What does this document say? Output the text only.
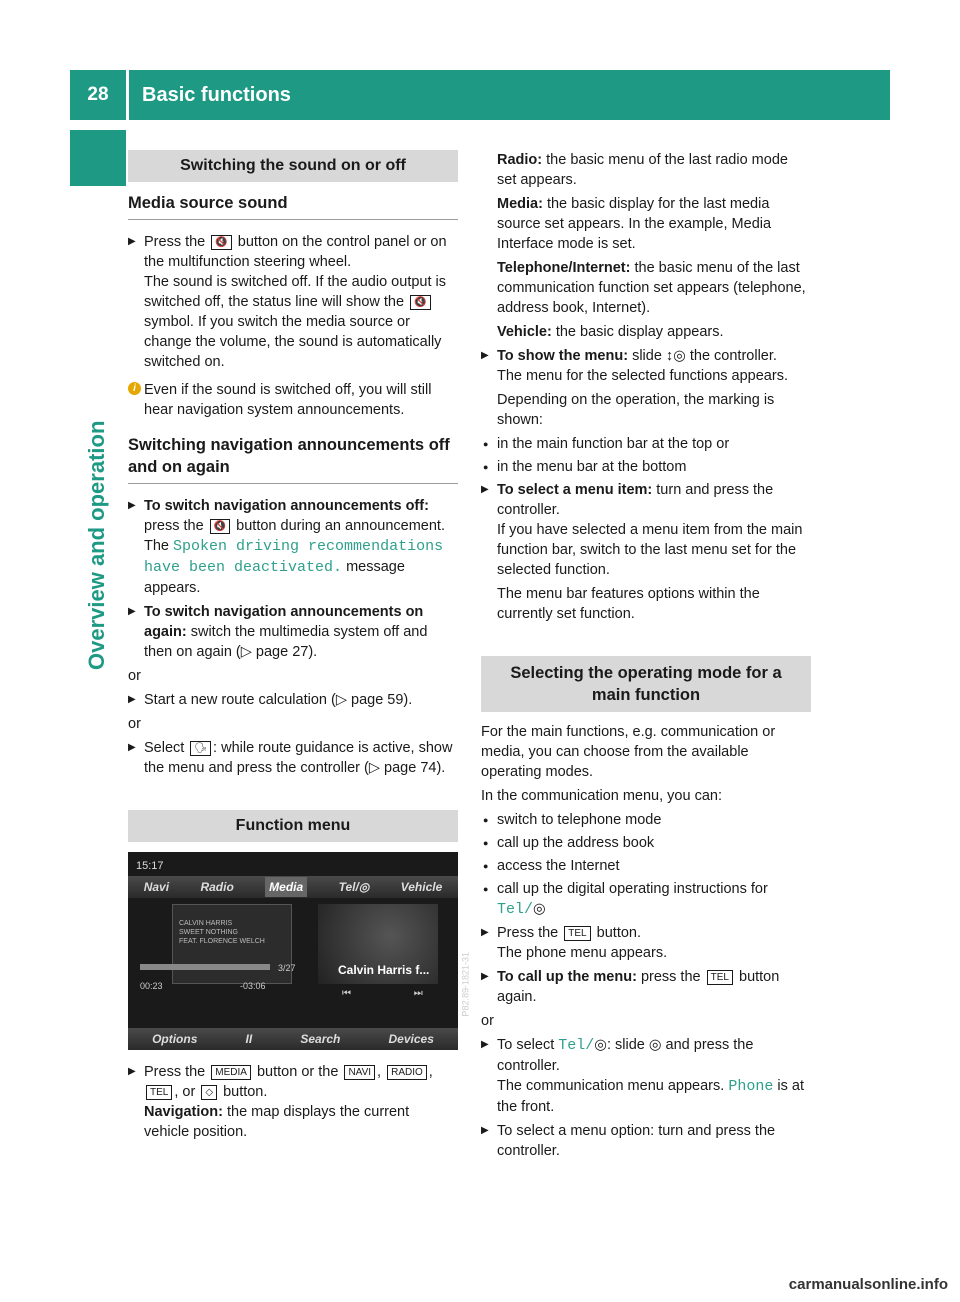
28	Basic functions
Overview and operation
Switching the sound on or off
Media source sound
▶ Press the 🔇 button on the control panel or on the multifunction steering wheel.
The sound is switched off. If the audio output is switched off, the status line will show the 🔇 symbol. If you switch the media source or change the volume, the sound is automatically switched on.
i Even if the sound is switched off, you will still hear navigation system announcements.
Switching navigation announcements off and on again
▶ To switch navigation announcements off: press the 🔇 button during an announcement.
The Spoken driving recommendations have been deactivated. message appears.
▶ To switch navigation announcements on again: switch the multimedia system off and then on again (▷ page 27).
or
▶ Start a new route calculation (▷ page 59).
or
▶ Select 🗣 : while route guidance is active, show the menu and press the controller (▷ page 74).
Function menu
15:17
Navi	Radio	Media	Tel/◎	Vehicle
CALVIN HARRIS
SWEET NOTHING
FEAT. FLORENCE WELCH
00:23	-03:06
3/27	Calvin Harris f...
⏮ ⏭ P82.89-1821-31
Options	II	Search	Devices
▶ Press the MEDIA button or the NAVI , RADIO , TEL , or ◇ button.
Navigation: the map displays the current vehicle position.
Radio: the basic menu of the last radio mode set appears.
Media: the basic display for the last media source set appears. In the example, Media Interface mode is set.
Telephone/Internet: the basic menu of the last communication function set appears (telephone, address book, Internet).
Vehicle: the basic display appears.
▶ To show the menu: slide ↕◎ the controller.
The menu for the selected functions appears.
Depending on the operation, the marking is shown:
● in the main function bar at the top or
● in the menu bar at the bottom
▶ To select a menu item: turn and press the controller.
If you have selected a menu item from the main function bar, switch to the last menu set for the selected function.
The menu bar features options within the currently set function.
Selecting the operating mode for a main function
For the main functions, e.g. communication or media, you can choose from the available operating modes.
In the communication menu, you can:
● switch to telephone mode
● call up the address book
● access the Internet
● call up the digital operating instructions for
Tel/◎
▶ Press the TEL button.
The phone menu appears.
▶ To call up the menu: press the TEL button again.
or
▶ To select Tel/◎: slide ◎ and press the controller.
The communication menu appears. Phone is at the front.
▶ To select a menu option: turn and press the controller.
carmanualsonline.info
